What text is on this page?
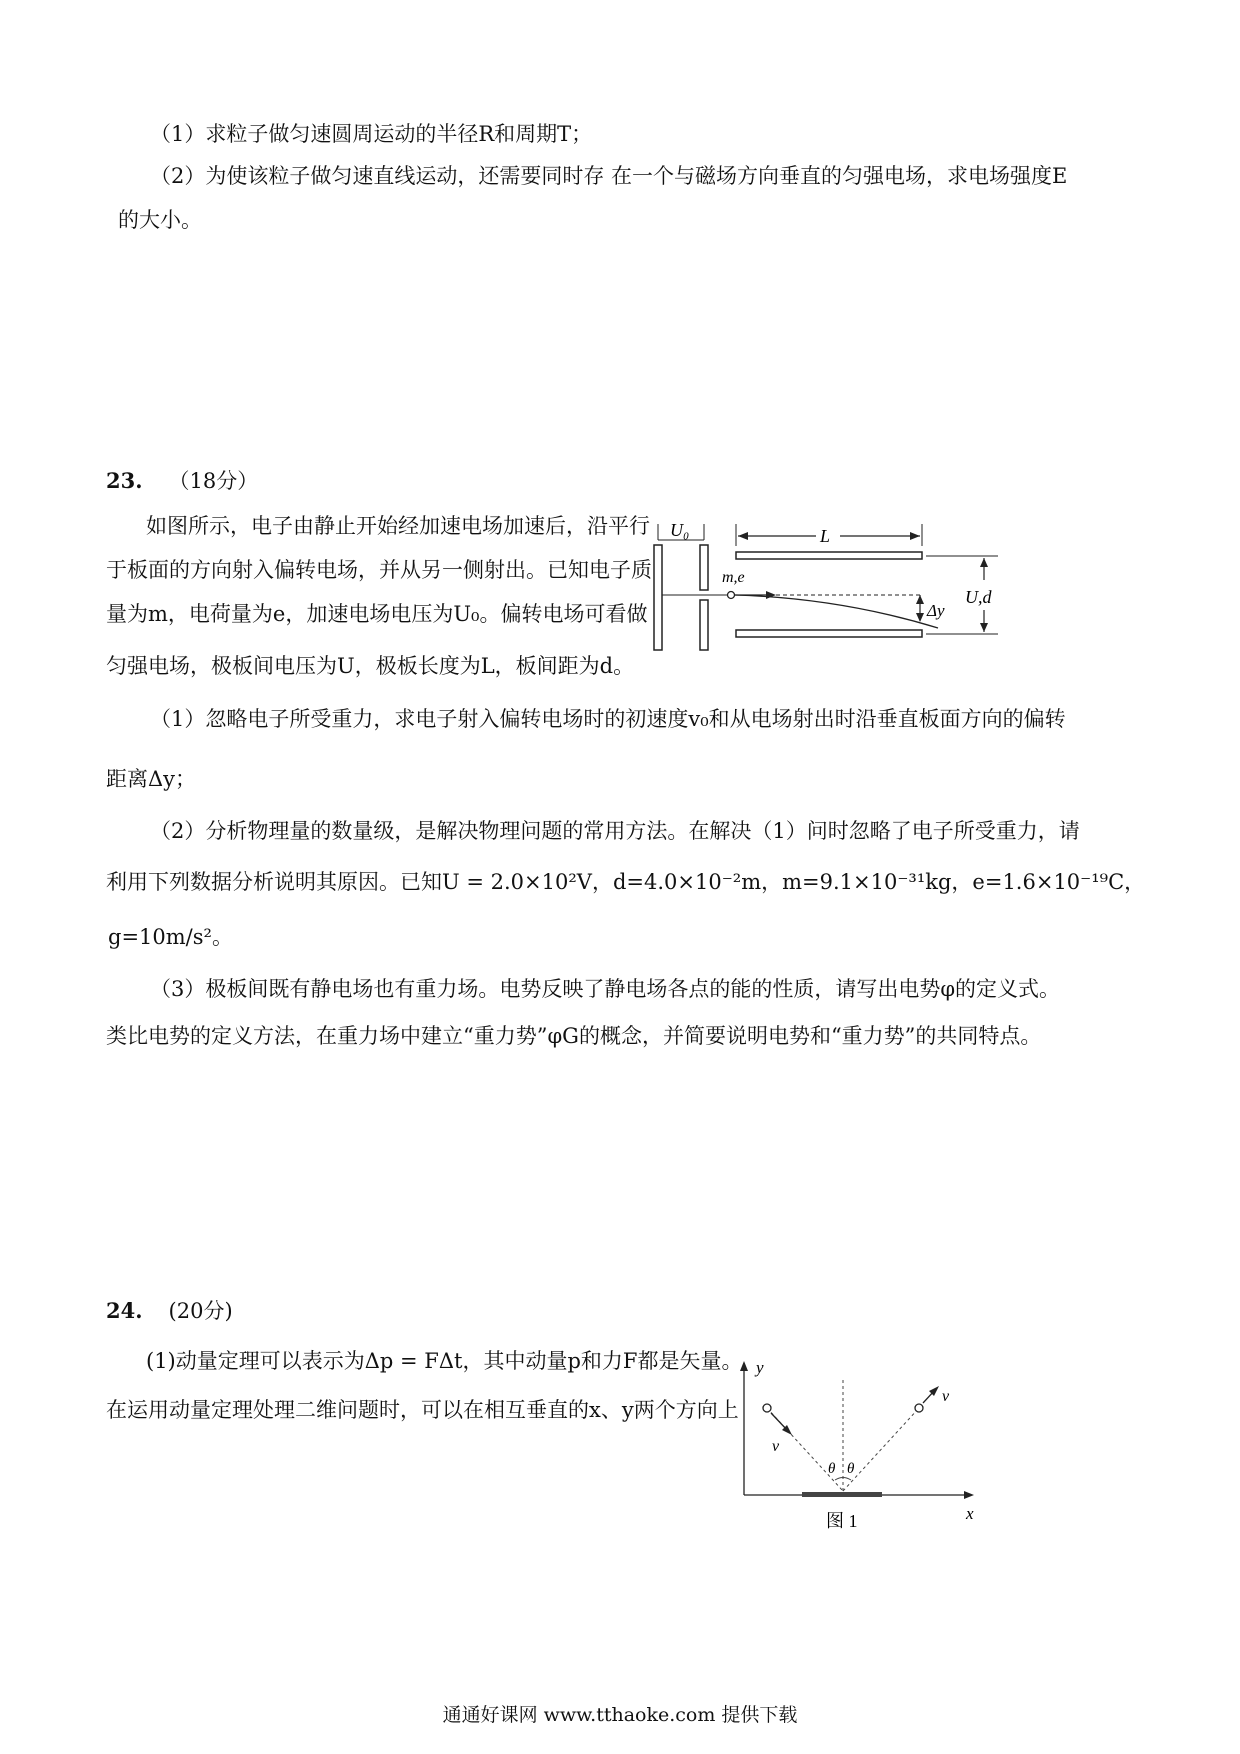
（1）求粒子做匀速圆周运动的半径R和周期T；
（2）为使该粒子做匀速直线运动，还需要同时存 在一个与磁场方向垂直的匀强电场，求电场强度E
的大小。
23. （18分）
如图所示，电子由静止开始经加速电场加速后，沿平行
于板面的方向射入偏转电场，并从另一侧射出。已知电子质
量为m，电荷量为e，加速电场电压为U₀。偏转电场可看做
匀强电场，极板间电压为U，极板长度为L，板间距为d。
U₀	L
m,e
Δy
U,d
（1）忽略电子所受重力，求电子射入偏转电场时的初速度v₀和从电场射出时沿垂直板面方向的偏转
距离Δy；
（2）分析物理量的数量级，是解决物理问题的常用方法。在解决（1）问时忽略了电子所受重力，请
利用下列数据分析说明其原因。已知U = 2.0×10²V，d=4.0×10⁻²m，m=9.1×10⁻³¹kg，e=1.6×10⁻¹⁹C，
g=10m/s²。
（3）极板间既有静电场也有重力场。电势反映了静电场各点的能的性质，请写出电势φ的定义式。
类比电势的定义方法，在重力场中建立“重力势”φG的概念，并简要说明电势和“重力势”的共同特点。
24. (20分)
(1)动量定理可以表示为Δp = FΔt，其中动量p和力F都是矢量。
在运用动量定理处理二维问题时，可以在相互垂直的x、y两个方向上
y
x
v
v
θ θ
图 1
通通好课网 www.tthaoke.com 提供下载
